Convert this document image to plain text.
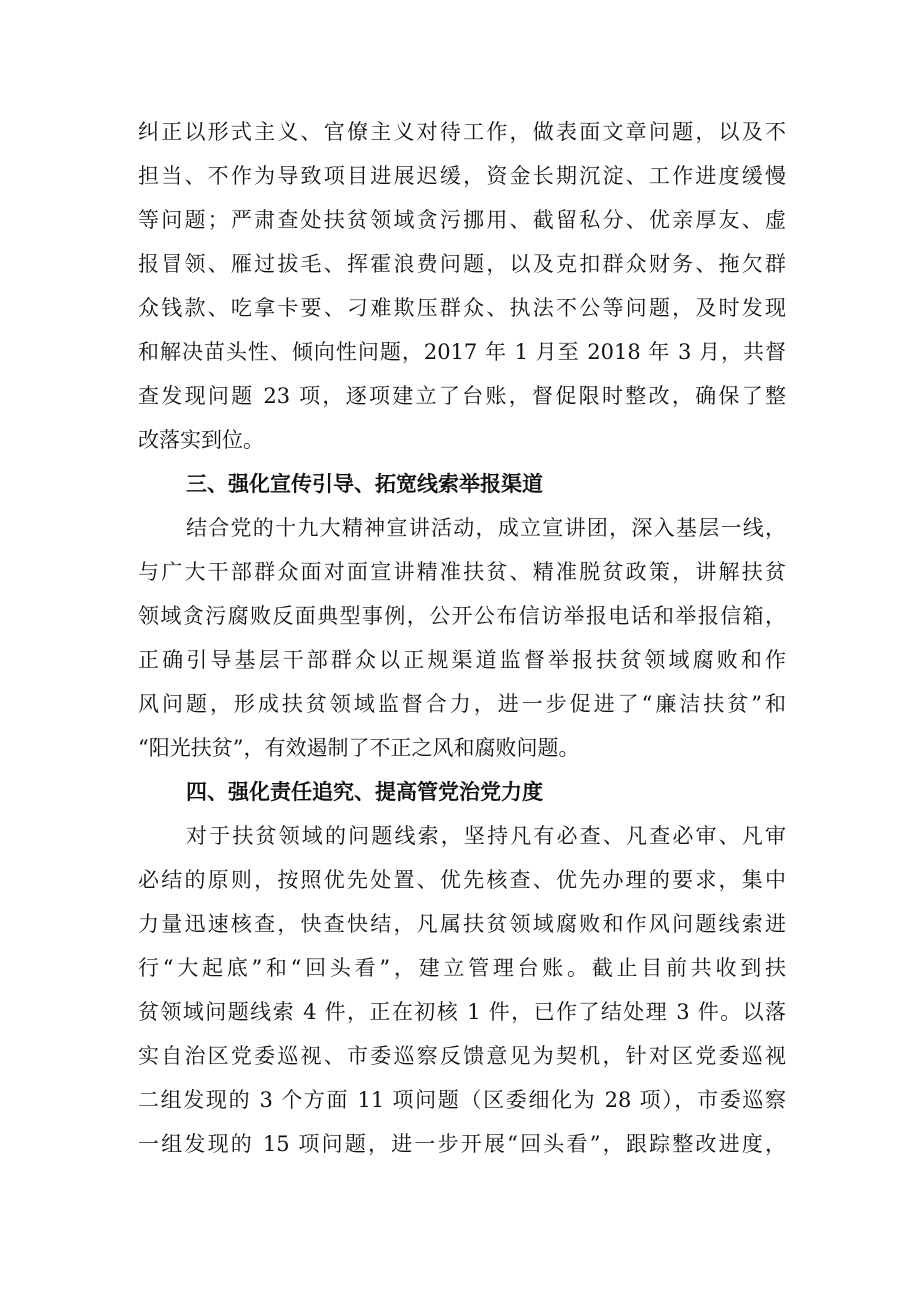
纠正以形式主义、官僚主义对待工作，做表面文章问题，以及不
担当、不作为导致项目进展迟缓，资金长期沉淀、工作进度缓慢
等问题；严肃查处扶贫领域贪污挪用、截留私分、优亲厚友、虚
报冒领、雁过拔毛、挥霍浪费问题，以及克扣群众财务、拖欠群
众钱款、吃拿卡要、刁难欺压群众、执法不公等问题，及时发现
和解决苗头性、倾向性问题，2017 年 1 月至 2018 年 3 月，共督
查发现问题 23 项，逐项建立了台账，督促限时整改，确保了整
改落实到位。
三、强化宣传引导、拓宽线索举报渠道
结合党的十九大精神宣讲活动，成立宣讲团，深入基层一线，
与广大干部群众面对面宣讲精准扶贫、精准脱贫政策，讲解扶贫
领域贪污腐败反面典型事例，公开公布信访举报电话和举报信箱，
正确引导基层干部群众以正规渠道监督举报扶贫领域腐败和作
风问题，形成扶贫领域监督合力，进一步促进了“廉洁扶贫”和
“阳光扶贫”，有效遏制了不正之风和腐败问题。
四、强化责任追究、提高管党治党力度
对于扶贫领域的问题线索，坚持凡有必查、凡查必审、凡审
必结的原则，按照优先处置、优先核查、优先办理的要求，集中
力量迅速核查，快查快结，凡属扶贫领域腐败和作风问题线索进
行“大起底”和“回头看”，建立管理台账。截止目前共收到扶
贫领域问题线索 4 件，正在初核 1 件，已作了结处理 3 件。以落
实自治区党委巡视、市委巡察反馈意见为契机，针对区党委巡视
二组发现的 3 个方面 11 项问题（区委细化为 28 项），市委巡察
一组发现的 15 项问题，进一步开展“回头看”，跟踪整改进度，
